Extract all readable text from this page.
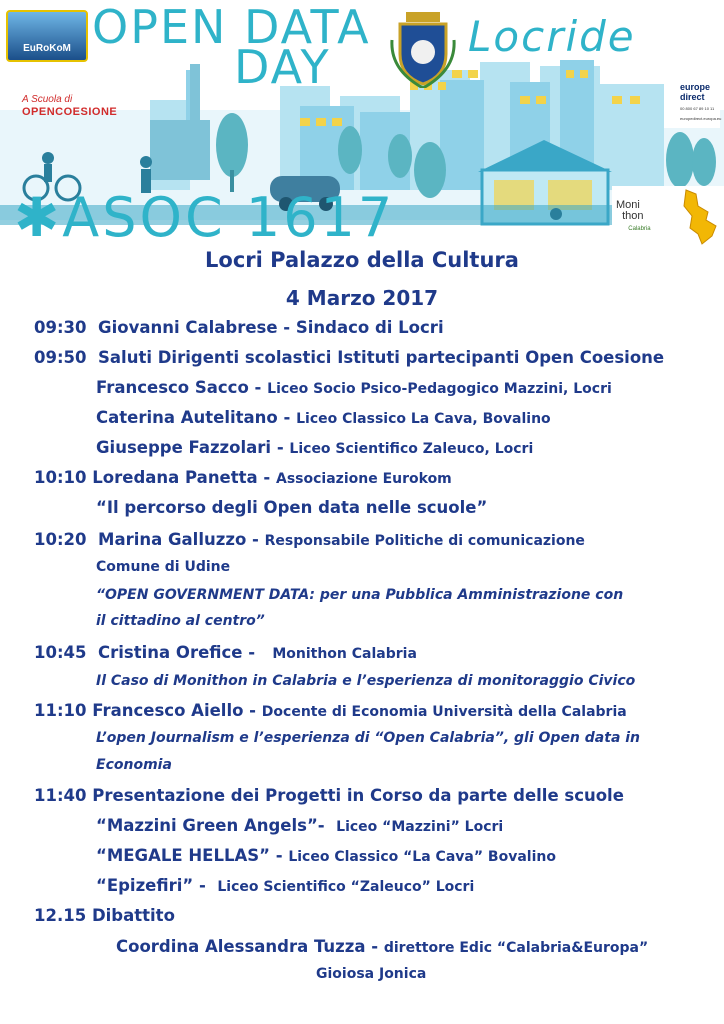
EuRoKoM OPEN DATA
DAY
Locride
✱ASOC 1617
A Scuola di
OPENCOESIONE
europe direct
00 800 67 89 10 11
europedirect.europa.eu
Moni
thon
Calabria
Locri Palazzo della Cultura
4 Marzo 2017
09:30 Giovanni Calabrese - Sindaco di Locri
09:50 Saluti Dirigenti scolastici Istituti partecipanti Open Coesione
Francesco Sacco - Liceo Socio Psico-Pedagogico Mazzini, Locri
Caterina Autelitano - Liceo Classico La Cava, Bovalino
Giuseppe Fazzolari - Liceo Scientifico Zaleuco, Locri
10:10 Loredana Panetta - Associazione Eurokom
“Il percorso degli Open data nelle scuole”
10:20 Marina Galluzzo - Responsabile Politiche di comunicazione
Comune di Udine
“OPEN GOVERNMENT DATA: per una Pubblica Amministrazione con
il cittadino al centro”
10:45 Cristina Orefice - Monithon Calabria
Il Caso di Monithon in Calabria e l’esperienza di monitoraggio Civico
11:10 Francesco Aiello - Docente di Economia Università della Calabria
L’open Journalism e l’esperienza di “Open Calabria”, gli Open data in
Economia
11:40 Presentazione dei Progetti in Corso da parte delle scuole
“Mazzini Green Angels”- Liceo “Mazzini” Locri
“MEGALE HELLAS” - Liceo Classico “La Cava” Bovalino
“Epizefiri” - Liceo Scientifico “Zaleuco” Locri
12.15 Dibattito
Coordina Alessandra Tuzza - direttore Edic “Calabria&Europa”
Gioiosa Jonica
